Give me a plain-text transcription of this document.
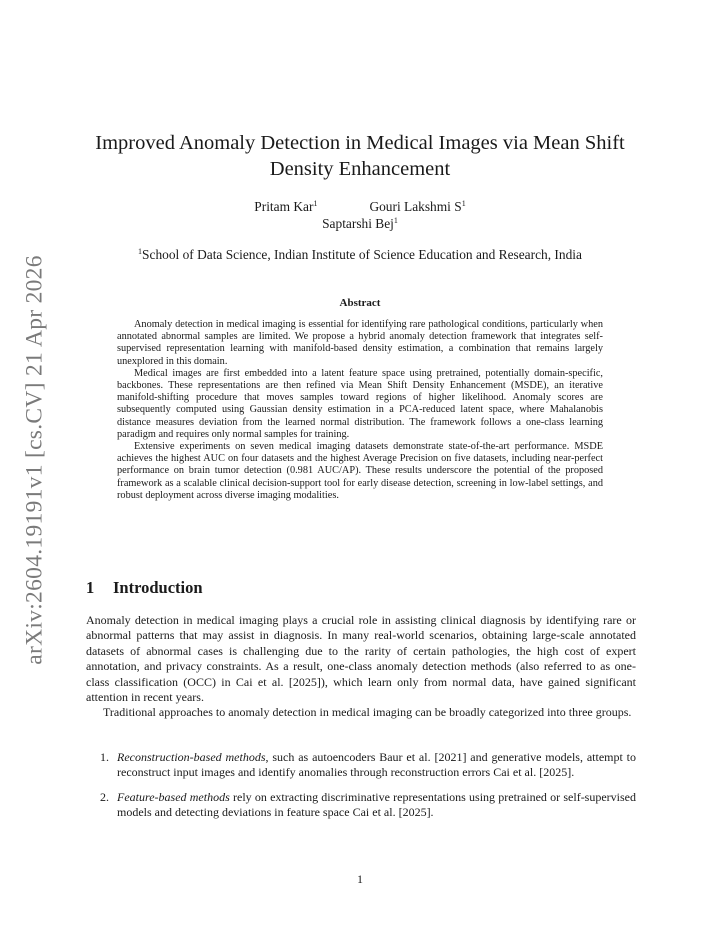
arXiv:2604.19191v1 [cs.CV] 21 Apr 2026
Improved Anomaly Detection in Medical Images via Mean Shift
Density Enhancement
Pritam Kar$^1$	Gouri Lakshmi $S^1$
Saptarshi Bej$^1$
$^1$School of Data Science, Indian Institute of Science Education and Research, India
Abstract

Anomaly detection in medical imaging is essential for identifying rare pathological conditions, particularly when annotated abnormal samples are limited. We propose a hybrid anomaly detection framework that integrates self-supervised representation learning with manifold-based density estimation, a combination that remains largely unexplored in this domain.

Medical images are first embedded into a latent feature space using pretrained, potentially domain-specific, backbones. These representations are then refined via Mean Shift Density Enhancement (MSDE), an iterative manifold-shifting procedure that moves samples toward regions of higher likelihood. Anomaly scores are subsequently computed using Gaussian density estimation in a PCA-reduced latent space, where Mahalanobis distance measures deviation from the learned normal distribution. The framework follows a one-class learning paradigm and requires only normal samples for training.

Extensive experiments on seven medical imaging datasets demonstrate state-of-the-art performance. MSDE achieves the highest AUC on four datasets and the highest Average Precision on five datasets, including near-perfect performance on brain tumor detection (0.981 AUC/AP). These results underscore the potential of the proposed framework as a scalable clinical decision-support tool for early disease detection, screening in low-label settings, and robust deployment across diverse imaging modalities.

1 Introduction

Anomaly detection in medical imaging plays a crucial role in assisting clinical diagnosis by identifying rare or abnormal patterns that may assist in diagnosis. In many real-world scenarios, obtaining large-scale annotated datasets of abnormal cases is challenging due to the rarity of certain pathologies, the high cost of expert annotation, and privacy constraints. As a result, one-class anomaly detection methods (also referred to as one-class classification (OCC) in Cai et al. [2025]), which learn only from normal data, have gained significant attention in recent years.

Traditional approaches to anomaly detection in medical imaging can be broadly categorized into three groups.

1. Reconstruction-based methods, such as autoencoders Baur et al. [2021] and generative models, attempt to reconstruct input images and identify anomalies through reconstruction errors Cai et al. [2025].
2. Feature-based methods rely on extracting discriminative representations using pretrained or self-supervised models and detecting deviations in feature space Cai et al. [2025].
1
